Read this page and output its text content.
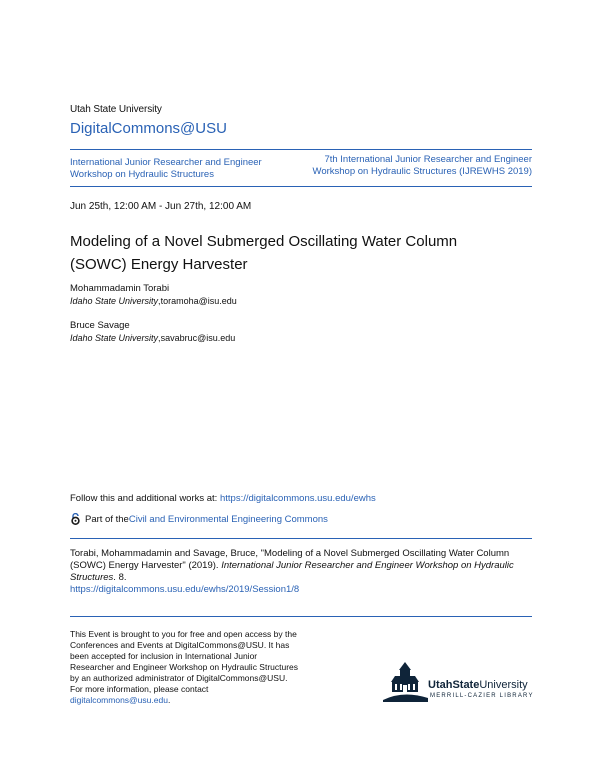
Utah State University
DigitalCommons@USU
International Junior Researcher and Engineer Workshop on Hydraulic Structures
7th International Junior Researcher and Engineer Workshop on Hydraulic Structures (IJREWHS 2019)
Jun 25th, 12:00 AM - Jun 27th, 12:00 AM
Modeling of a Novel Submerged Oscillating Water Column (SOWC) Energy Harvester
Mohammadamin Torabi
Idaho State University,toramoha@isu.edu
Bruce Savage
Idaho State University,savabruc@isu.edu
Follow this and additional works at: https://digitalcommons.usu.edu/ewhs
Part of the Civil and Environmental Engineering Commons
Torabi, Mohammadamin and Savage, Bruce, "Modeling of a Novel Submerged Oscillating Water Column (SOWC) Energy Harvester" (2019). International Junior Researcher and Engineer Workshop on Hydraulic Structures. 8.
https://digitalcommons.usu.edu/ewhs/2019/Session1/8
This Event is brought to you for free and open access by the Conferences and Events at DigitalCommons@USU. It has been accepted for inclusion in International Junior Researcher and Engineer Workshop on Hydraulic Structures by an authorized administrator of DigitalCommons@USU. For more information, please contact digitalcommons@usu.edu.
UtahStateUniversity
MERRILL-CAZIER LIBRARY
